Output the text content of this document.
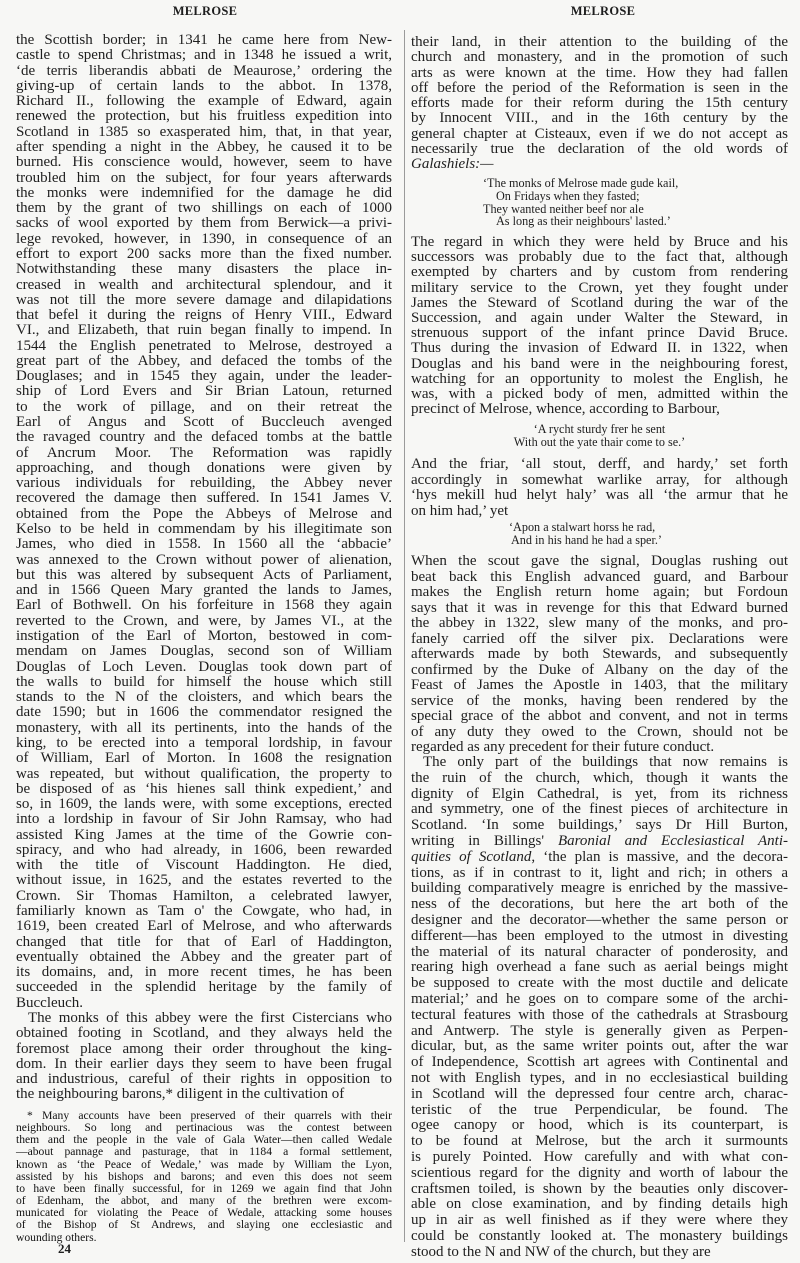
MELROSE	MELROSE
the Scottish border; in 1341 he came here from New-
castle to spend Christmas; and in 1348 he issued a writ,
‘de terris liberandis abbati de Meaurose,’ ordering the
giving-up of certain lands to the abbot. In 1378,
Richard II., following the example of Edward, again
renewed the protection, but his fruitless expedition into
Scotland in 1385 so exasperated him, that, in that year,
after spending a night in the Abbey, he caused it to be
burned. His conscience would, however, seem to have
troubled him on the subject, for four years afterwards
the monks were indemnified for the damage he did
them by the grant of two shillings on each of 1000
sacks of wool exported by them from Berwick—a privi-
lege revoked, however, in 1390, in consequence of an
effort to export 200 sacks more than the fixed number.
Notwithstanding these many disasters the place in-
creased in wealth and architectural splendour, and it
was not till the more severe damage and dilapidations
that befel it during the reigns of Henry VIII., Edward
VI., and Elizabeth, that ruin began finally to impend. In
1544 the English penetrated to Melrose, destroyed a
great part of the Abbey, and defaced the tombs of the
Douglases; and in 1545 they again, under the leader-
ship of Lord Evers and Sir Brian Latoun, returned
to the work of pillage, and on their retreat the
Earl of Angus and Scott of Buccleuch avenged
the ravaged country and the defaced tombs at the battle
of Ancrum Moor. The Reformation was rapidly
approaching, and though donations were given by
various individuals for rebuilding, the Abbey never
recovered the damage then suffered. In 1541 James V.
obtained from the Pope the Abbeys of Melrose and
Kelso to be held in commendam by his illegitimate son
James, who died in 1558. In 1560 all the ‘abbacie’
was annexed to the Crown without power of alienation,
but this was altered by subsequent Acts of Parliament,
and in 1566 Queen Mary granted the lands to James,
Earl of Bothwell. On his forfeiture in 1568 they again
reverted to the Crown, and were, by James VI., at the
instigation of the Earl of Morton, bestowed in com-
mendam on James Douglas, second son of William
Douglas of Loch Leven. Douglas took down part of
the walls to build for himself the house which still
stands to the N of the cloisters, and which bears the
date 1590; but in 1606 the commendator resigned the
monastery, with all its pertinents, into the hands of the
king, to be erected into a temporal lordship, in favour
of William, Earl of Morton. In 1608 the resignation
was repeated, but without qualification, the property to
be disposed of as ‘his hienes sall think expedient,’ and
so, in 1609, the lands were, with some exceptions, erected
into a lordship in favour of Sir John Ramsay, who had
assisted King James at the time of the Gowrie con-
spiracy, and who had already, in 1606, been rewarded
with the title of Viscount Haddington. He died,
without issue, in 1625, and the estates reverted to the
Crown. Sir Thomas Hamilton, a celebrated lawyer,
familiarly known as Tam o' the Cowgate, who had, in
1619, been created Earl of Melrose, and who afterwards
changed that title for that of Earl of Haddington,
eventually obtained the Abbey and the greater part of
its domains, and, in more recent times, he has been
succeeded in the splendid heritage by the family of
Buccleuch.
The monks of this abbey were the first Cistercians who
obtained footing in Scotland, and they always held the
foremost place among their order throughout the king-
dom. In their earlier days they seem to have been frugal
and industrious, careful of their rights in opposition to
the neighbouring barons,* diligent in the cultivation of
* Many accounts have been preserved of their quarrels with their
neighbours. So long and pertinacious was the contest between
them and the people in the vale of Gala Water—then called Wedale
—about pannage and pasturage, that in 1184 a formal settlement,
known as ‘the Peace of Wedale,’ was made by William the Lyon,
assisted by his bishops and barons; and even this does not seem
to have been finally successful, for in 1269 we again find that John
of Edenham, the abbot, and many of the brethren were excom-
municated for violating the Peace of Wedale, attacking some houses
of the Bishop of St Andrews, and slaying one ecclesiastic and
wounding others.
24
their land, in their attention to the building of the
church and monastery, and in the promotion of such
arts as were known at the time. How they had fallen
off before the period of the Reformation is seen in the
efforts made for their reform during the 15th century
by Innocent VIII., and in the 16th century by the
general chapter at Cisteaux, even if we do not accept as
necessarily true the declaration of the old words of
Galashiels:—
‘The monks of Melrose made gude kail,
On Fridays when they fasted;
They wanted neither beef nor ale
As long as their neighbours' lasted.’
The regard in which they were held by Bruce and his
successors was probably due to the fact that, although
exempted by charters and by custom from rendering
military service to the Crown, yet they fought under
James the Steward of Scotland during the war of the
Succession, and again under Walter the Steward, in
strenuous support of the infant prince David Bruce.
Thus during the invasion of Edward II. in 1322, when
Douglas and his band were in the neighbouring forest,
watching for an opportunity to molest the English, he
was, with a picked body of men, admitted within the
precinct of Melrose, whence, according to Barbour,
‘A rycht sturdy frer he sent
With out the yate thair come to se.’
And the friar, ‘all stout, derff, and hardy,’ set forth
accordingly in somewhat warlike array, for although
‘hys mekill hud helyt haly’ was all ‘the armur that he
on him had,’ yet
‘Apon a stalwart horss he rad,
And in his hand he had a sper.’
When the scout gave the signal, Douglas rushing out
beat back this English advanced guard, and Barbour
makes the English return home again; but Fordoun
says that it was in revenge for this that Edward burned
the abbey in 1322, slew many of the monks, and pro-
fanely carried off the silver pix. Declarations were
afterwards made by both Stewards, and subsequently
confirmed by the Duke of Albany on the day of the
Feast of James the Apostle in 1403, that the military
service of the monks, having been rendered by the
special grace of the abbot and convent, and not in terms
of any duty they owed to the Crown, should not be
regarded as any precedent for their future conduct.
The only part of the buildings that now remains is
the ruin of the church, which, though it wants the
dignity of Elgin Cathedral, is yet, from its richness
and symmetry, one of the finest pieces of architecture in
Scotland. ‘In some buildings,’ says Dr Hill Burton,
writing in Billings' Baronial and Ecclesiastical Anti-
quities of Scotland, ‘the plan is massive, and the decora-
tions, as if in contrast to it, light and rich; in others a
building comparatively meagre is enriched by the massive-
ness of the decorations, but here the art both of the
designer and the decorator—whether the same person or
different—has been employed to the utmost in divesting
the material of its natural character of ponderosity, and
rearing high overhead a fane such as aerial beings might
be supposed to create with the most ductile and delicate
material;’ and he goes on to compare some of the archi-
tectural features with those of the cathedrals at Strasbourg
and Antwerp. The style is generally given as Perpen-
dicular, but, as the same writer points out, after the war
of Independence, Scottish art agrees with Continental and
not with English types, and in no ecclesiastical building
in Scotland will the depressed four centre arch, charac-
teristic of the true Perpendicular, be found. The
ogee canopy or hood, which is its counterpart, is
to be found at Melrose, but the arch it surmounts
is purely Pointed. How carefully and with what con-
scientious regard for the dignity and worth of labour the
craftsmen toiled, is shown by the beauties only discover-
able on close examination, and by finding details high
up in air as well finished as if they were where they
could be constantly looked at. The monastery buildings
stood to the N and NW of the church, but they are
